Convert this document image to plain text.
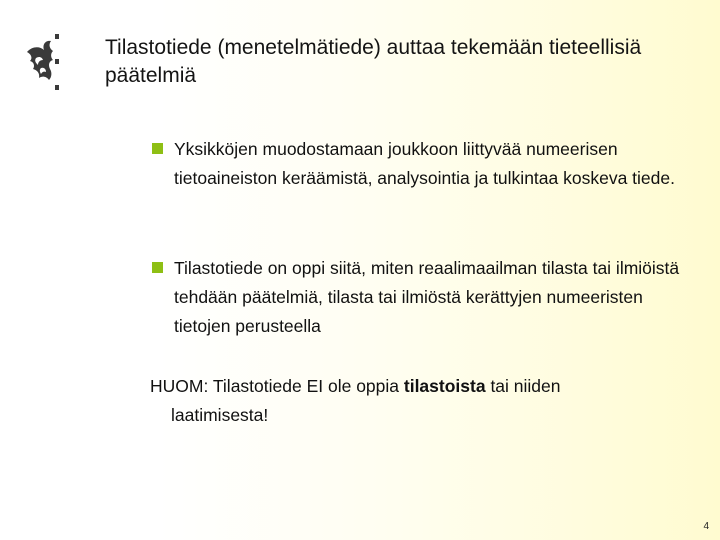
Tilastotiede (menetelmätiede) auttaa tekemään tieteellisiä päätelmiä
Yksikköjen muodostamaan joukkoon liittyvää numeerisen tietoaineiston keräämistä, analysointia ja tulkintaa koskeva tiede.
Tilastotiede on oppi siitä, miten reaalimaailman tilasta tai ilmiöistä tehdään päätelmiä, tilasta tai ilmiöstä kerättyjen numeeristen tietojen perusteella
HUOM: Tilastotiede EI ole oppia tilastoista tai niiden
laatimisesta!
4
